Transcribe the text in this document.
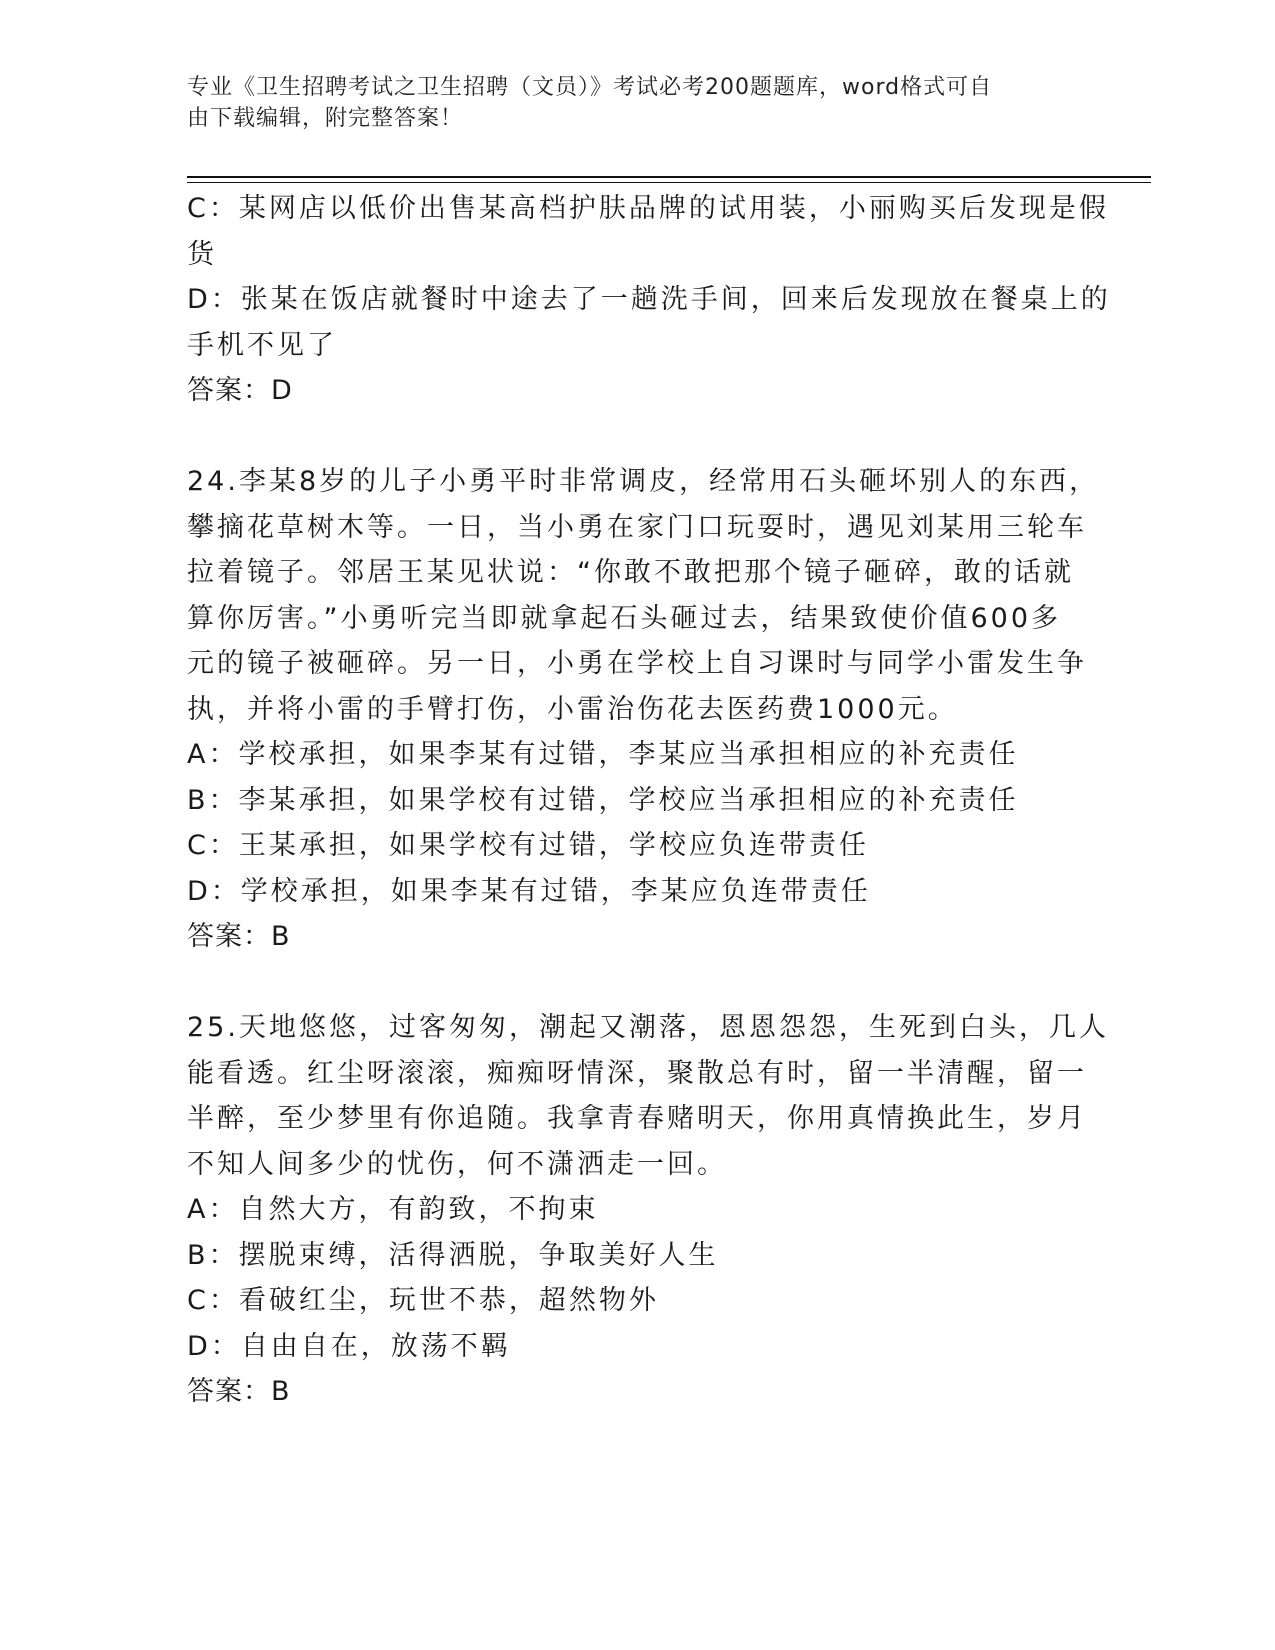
专业《卫生招聘考试之卫生招聘（文员）》考试必考200题题库，word格式可自
由下载编辑，附完整答案！
C：某网店以低价出售某高档护肤品牌的试用装，小丽购买后发现是假
货
D：张某在饭店就餐时中途去了一趟洗手间，回来后发现放在餐桌上的
手机不见了
答案：D
24.李某8岁的儿子小勇平时非常调皮，经常用石头砸坏别人的东西，
攀摘花草树木等。一日，当小勇在家门口玩耍时，遇见刘某用三轮车
拉着镜子。邻居王某见状说：“你敢不敢把那个镜子砸碎，敢的话就
算你厉害。”小勇听完当即就拿起石头砸过去，结果致使价值600多
元的镜子被砸碎。另一日，小勇在学校上自习课时与同学小雷发生争
执，并将小雷的手臂打伤，小雷治伤花去医药费1000元。
A：学校承担，如果李某有过错，李某应当承担相应的补充责任
B：李某承担，如果学校有过错，学校应当承担相应的补充责任
C：王某承担，如果学校有过错，学校应负连带责任
D：学校承担，如果李某有过错，李某应负连带责任
答案：B
25.天地悠悠，过客匆匆，潮起又潮落，恩恩怨怨，生死到白头，几人
能看透。红尘呀滚滚，痴痴呀情深，聚散总有时，留一半清醒，留一
半醉，至少梦里有你追随。我拿青春赌明天，你用真情换此生，岁月
不知人间多少的忧伤，何不潇洒走一回。
A：自然大方，有韵致，不拘束
B：摆脱束缚，活得洒脱，争取美好人生
C：看破红尘，玩世不恭，超然物外
D：自由自在，放荡不羁
答案：B
